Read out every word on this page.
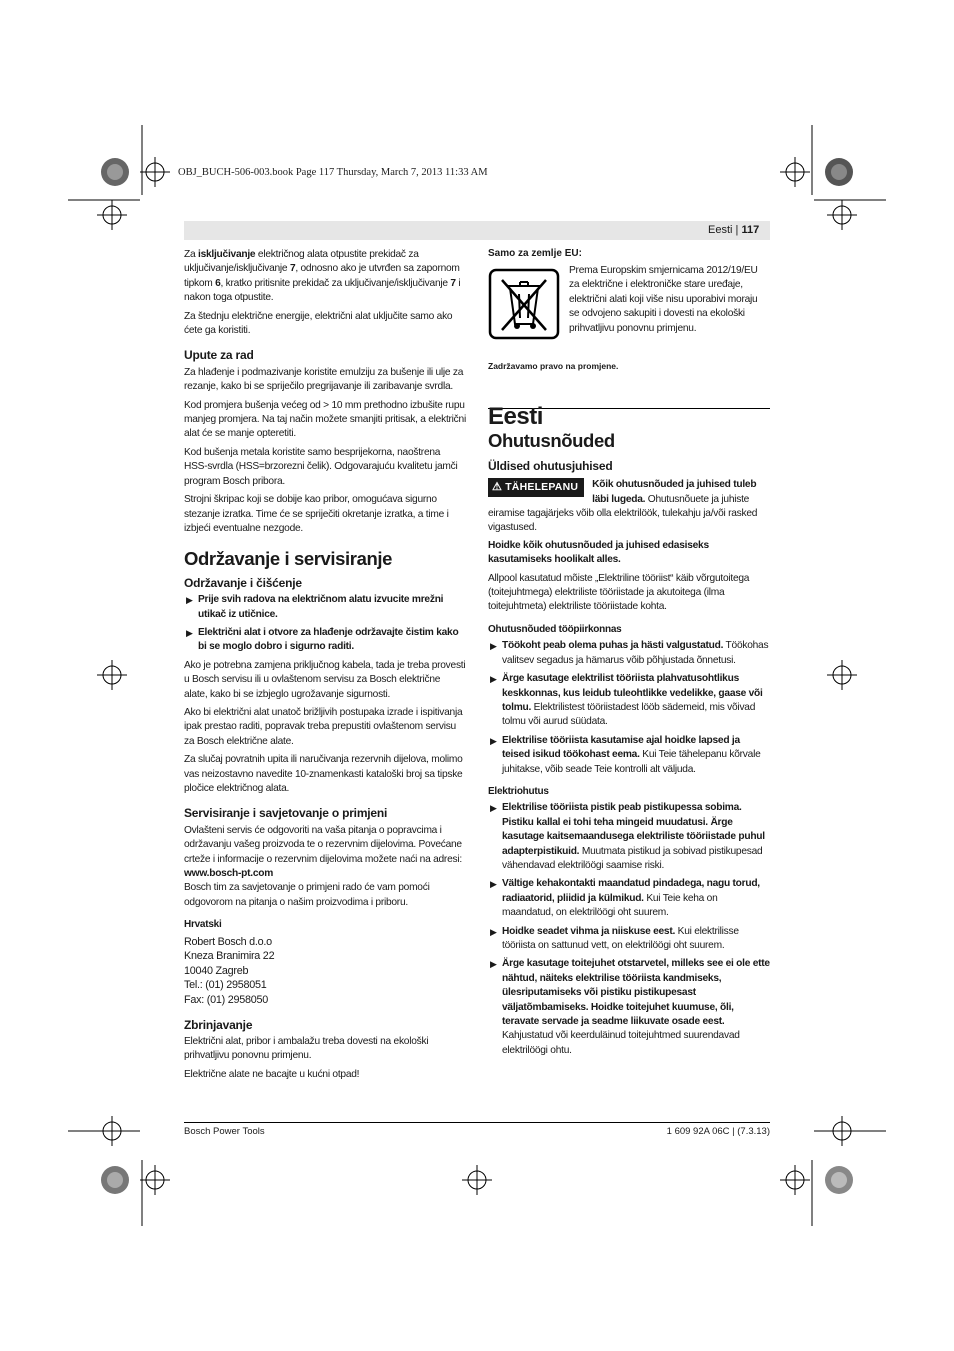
OBJ_BUCH-506-003.book Page 117 Thursday, March 7, 2013 11:33 AM
Eesti | 117

Za isključivanje električnog alata otpustite prekidač za uključivanje/isključivanje 7, odnosno ako je utvrđen sa zapornom tipkom 6, kratko pritisnite prekidač za uključivanje/isključivanje 7 i nakon toga otpustite.

Za štednju električne energije, električni alat uključite samo ako ćete ga koristiti.

Upute za rad

Za hlađenje i podmazivanje koristite emulziju za bušenje ili ulje za rezanje, kako bi se spriječilo pregrijavanje ili zaribavanje svrdla.

Kod promjera bušenja većeg od > 10 mm prethodno izbušite rupu manjeg promjera. Na taj način možete smanjiti pritisak, a električni alat će se manje opteretiti.

Kod bušenja metala koristite samo besprijekorna, naoštrena HSS-svrdla (HSS=brzorezni čelik). Odgovarajuću kvalitetu jamči program Bosch pribora.

Strojni škripac koji se dobije kao pribor, omogućava sigurno stezanje izratka. Time će se spriječiti okretanje izratka, a time i izbjeći eventualne nezgode.

Održavanje i servisiranje
Održavanje i čišćenje
▶ Prije svih radova na električnom alatu izvucite mrežni utikač iz utičnice.
▶ Električni alat i otvore za hlađenje održavajte čistim kako bi se moglo dobro i sigurno raditi.

Ako je potrebna zamjena priključnog kabela, tada je treba provesti u Bosch servisu ili u ovlaštenom servisu za Bosch električne alate, kako bi se izbjeglo ugrožavanje sigurnosti.

Ako bi električni alat unatoč brižljivih postupaka izrade i ispitivanja ipak prestao raditi, popravak treba prepustiti ovlaštenom servisu za Bosch električne alate.

Za slučaj povratnih upita ili naručivanja rezervnih dijelova, molimo vas neizostavno navedite 10-znamenkasti kataloški broj sa tipske pločice električnog alata.

Servisiranje i savjetovanje o primjeni

Ovlašteni servis će odgovoriti na vaša pitanja o popravcima i održavanju vašeg proizvoda te o rezervnim dijelovima. Povećane crteže i informacije o rezervnim dijelovima možete naći na adresi:

www.bosch-pt.com

Bosch tim za savjetovanje o primjeni rado će vam pomoći odgovorom na pitanja o našim proizvodima i priboru.

Hrvatski
Robert Bosch d.o.o
Kneza Branimira 22
10040 Zagreb
Tel.: (01) 2958051
Fax: (01) 2958050
Zbrinjavanje

Električni alat, pribor i ambalažu treba dovesti na ekološki prihvatljivu ponovnu primjenu.

Električne alate ne bacajte u kućni otpad!

Samo za zemlje EU:
Prema Europskim smjernicama 2012/19/EU za električne i elektroničke stare uređaje, električni alati koji više nisu uporabivi moraju se odvojeno sakupiti i dovesti na ekološki prihvatljivu ponovnu primjenu.
Zadržavamo pravo na promjene.
Eesti
Ohutusnõuded
Üldised ohutusjuhised
⚠ TÄHELEPANU	Kõik ohutusnõuded ja juhised tuleb läbi lugeda. Ohutusnõuete ja juhiste eiramise tagajärjeks võib olla elektrilöök, tulekahju ja/või rasked vigastused.

Hoidke kõik ohutusnõuded ja juhised edasiseks kasutamiseks hoolikalt alles.

Allpool kasutatud mõiste „Elektriline tööriist“ käib võrgutoitega (toitejuhtmega) elektriliste tööriistade ja akutoitega (ilma toitejuhtmeta) elektriliste tööriistade kohta.

Ohutusnõuded tööpiirkonnas
▶ Töökoht peab olema puhas ja hästi valgustatud. Töökohas valitsev segadus ja hämarus võib põhjustada õnnetusi.
▶ Ärge kasutage elektrilist tööriista plahvatusohtlikus keskkonnas, kus leidub tuleohtlikke vedelikke, gaase või tolmu. Elektrilistest tööriistadest lööb sädemeid, mis võivad tolmu või aurud süüdata.
▶ Elektrilise tööriista kasutamise ajal hoidke lapsed ja teised isikud töökohast eema. Kui Teie tähelepanu kõrvale juhitakse, võib seade Teie kontrolli alt väljuda.
Elektriohutus
▶ Elektrilise tööriista pistik peab pistikupessa sobima. Pistiku kallal ei tohi teha mingeid muudatusi. Ärge kasutage kaitsemaandusega elektriliste tööriistade puhul adapterpistikuid. Muutmata pistikud ja sobivad pistikupesad vähendavad elektrilöögi saamise riski.
▶ Vältige kehakontakti maandatud pindadega, nagu torud, radiaatorid, pliidid ja külmikud. Kui Teie keha on maandatud, on elektrilöögi oht suurem.
▶ Hoidke seadet vihma ja niiskuse eest. Kui elektrilisse tööriista on sattunud vett, on elektrilöögi oht suurem.
▶ Ärge kasutage toitejuhet otstarvetel, milleks see ei ole ette nähtud, näiteks elektrilise tööriista kandmiseks, ülesriputamiseks või pistiku pistikupesast väljatõmbamiseks. Hoidke toitejuhet kuumuse, õli, teravate servade ja seadme liikuvate osade eest. Kahjustatud või keerduläinud toitejuhtmed suurendavad elektrilöögi ohtu.
Bosch Power Tools	1 609 92A 06C | (7.3.13)
